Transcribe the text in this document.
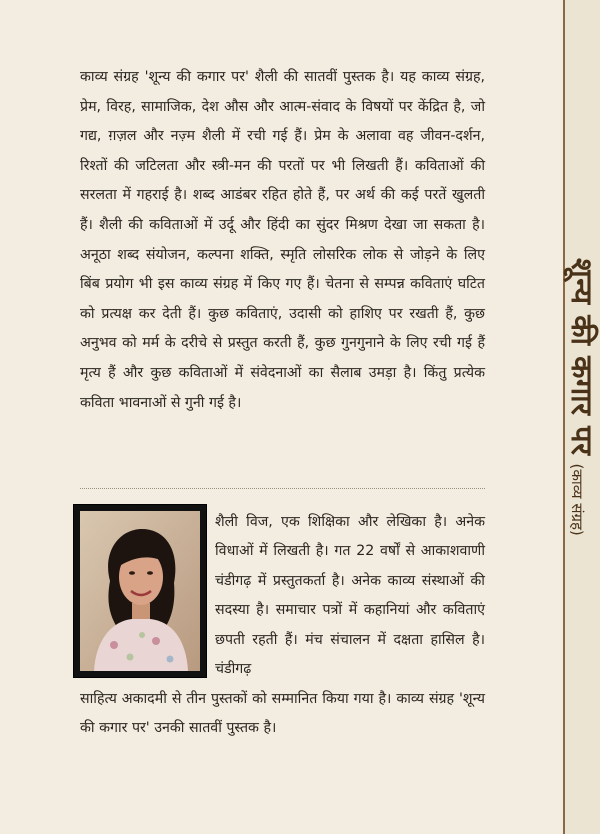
काव्य संग्रह 'शून्य की कगार पर' शैली की सातवीं पुस्तक है। यह काव्य संग्रह, प्रेम, विरह, सामाजिक, देश औस और आत्म-संवाद के विषयों पर केंद्रित है, जो गद्य, ग़ज़ल और नज़्म शैली में रची गई हैं। प्रेम के अलावा वह जीवन-दर्शन, रिश्तों की जटिलता और स्त्री-मन की परतों पर भी लिखती हैं। कविताओं की सरलता में गहराई है। शब्द आडंबर रहित होते हैं, पर अर्थ की कई परतें खुलती हैं। शैली की कविताओं में उर्दू और हिंदी का सुंदर मिश्रण देखा जा सकता है। अनूठा शब्द संयोजन, कल्पना शक्ति, स्मृति लोसरिक लोक से जोड़ने के लिए बिंब प्रयोग भी इस काव्य संग्रह में किए गए हैं। चेतना से सम्पन्न कविताएं घटित को प्रत्यक्ष कर देती हैं। कुछ कविताएं, उदासी को हाशिए पर रखती हैं, कुछ अनुभव को मर्म के दरीचे से प्रस्तुत करती हैं, कुछ गुनगुनाने के लिए रची गई हैं मृत्य हैं और कुछ कविताओं में संवेदनाओं का सैलाब उमड़ा है। किंतु प्रत्येक कविता भावनाओं से गुनी गई है।
शैली विज, एक शिक्षिका और लेखिका है। अनेक विधाओं में लिखती है। गत 22 वर्षों से आकाशवाणी चंडीगढ़ में प्रस्तुतकर्ता है। अनेक काव्य संस्थाओं की सदस्या है। समाचार पत्रों में कहानियां और कविताएं छपती रहती हैं। मंच संचालन में दक्षता हासिल है। चंडीगढ़
साहित्य अकादमी से तीन पुस्तकों को सम्मानित किया गया है। काव्य संग्रह 'शून्य की कगार पर' उनकी सातवीं पुस्तक है।
शून्य की कगार पर
(काव्य संग्रह)
